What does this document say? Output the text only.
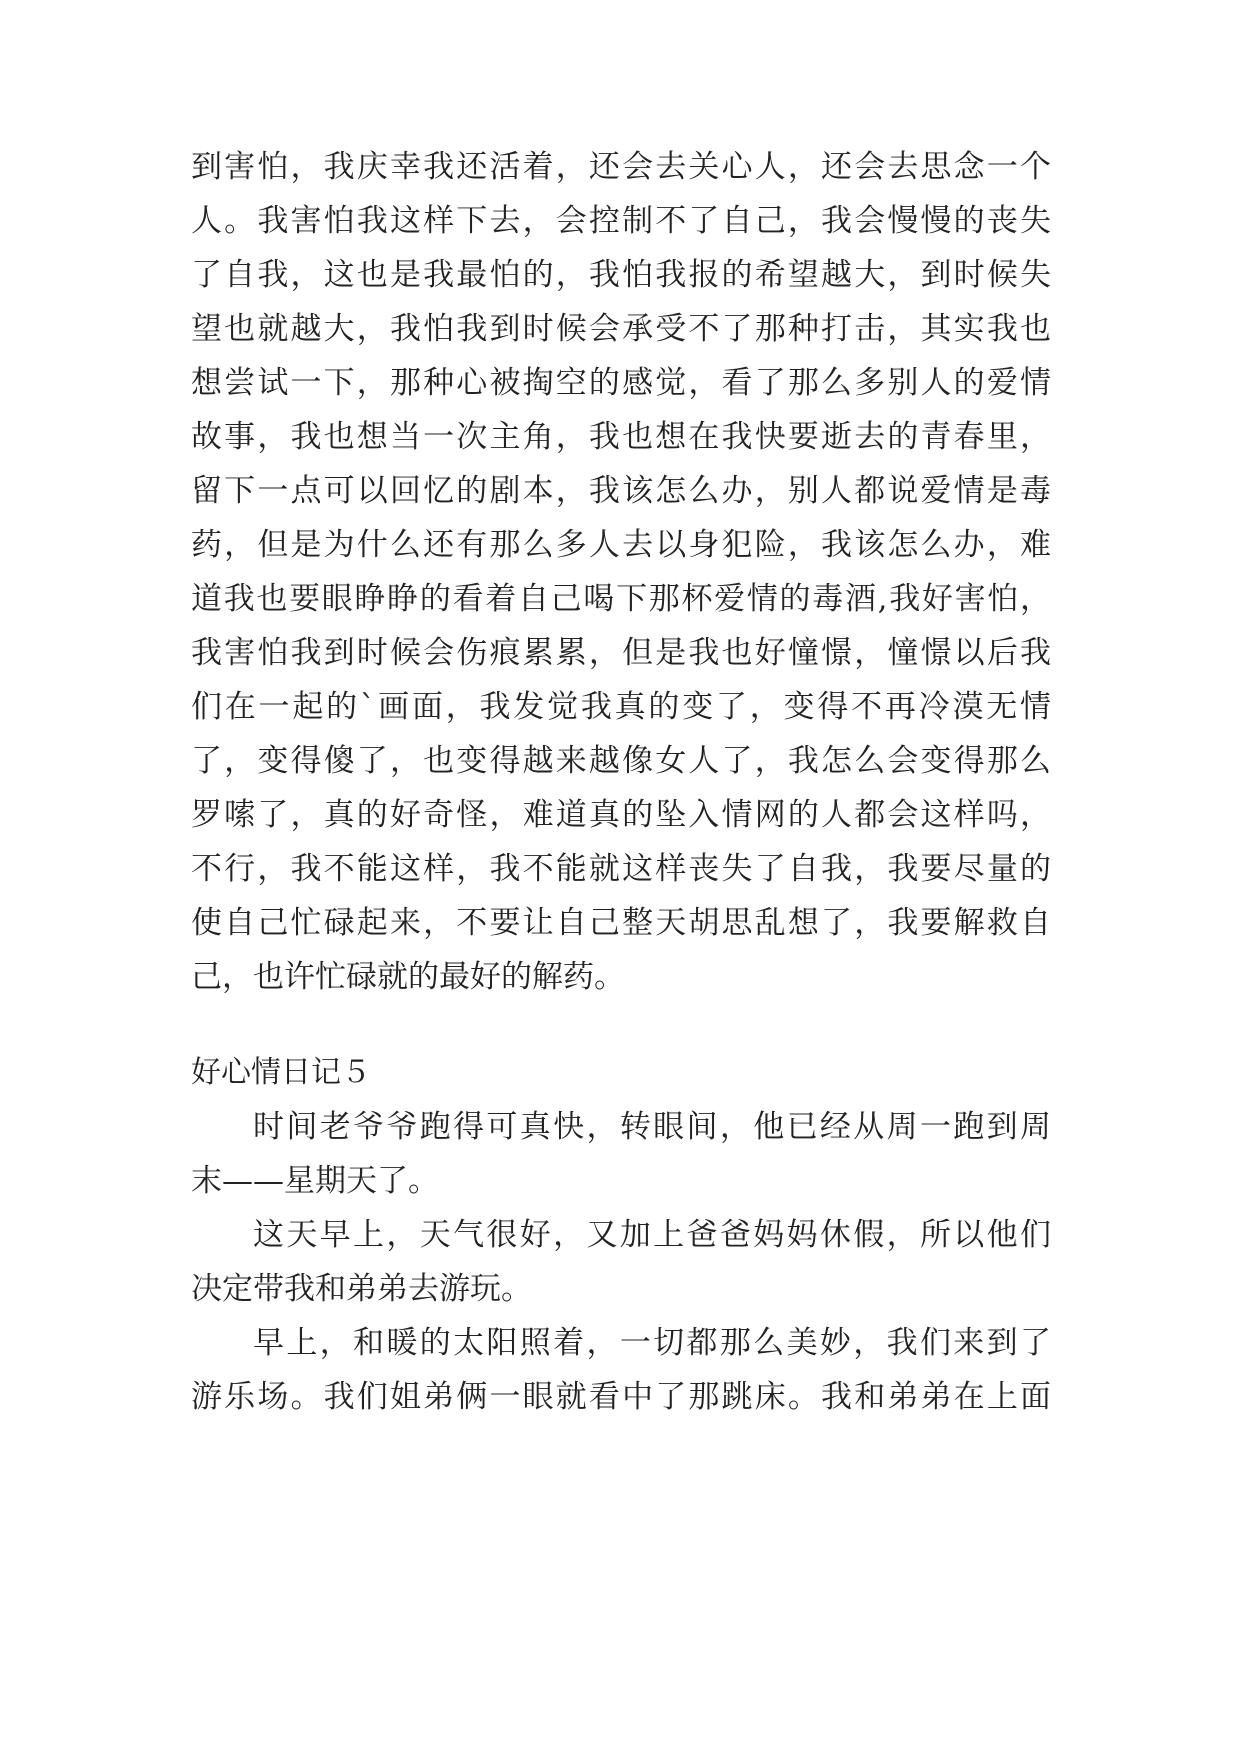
到害怕，我庆幸我还活着，还会去关心人，还会去思念一个
人。我害怕我这样下去，会控制不了自己，我会慢慢的丧失
了自我，这也是我最怕的，我怕我报的希望越大，到时候失
望也就越大，我怕我到时候会承受不了那种打击，其实我也
想尝试一下，那种心被掏空的感觉，看了那么多别人的爱情
故事，我也想当一次主角，我也想在我快要逝去的青春里，
留下一点可以回忆的剧本，我该怎么办，别人都说爱情是毒
药，但是为什么还有那么多人去以身犯险，我该怎么办，难
道我也要眼睁睁的看着自己喝下那杯爱情的毒酒,我好害怕，
我害怕我到时候会伤痕累累，但是我也好憧憬，憧憬以后我
们在一起的`画面，我发觉我真的变了，变得不再冷漠无情
了，变得傻了，也变得越来越像女人了，我怎么会变得那么
罗嗦了，真的好奇怪，难道真的坠入情网的人都会这样吗，
不行，我不能这样，我不能就这样丧失了自我，我要尽量的
使自己忙碌起来，不要让自己整天胡思乱想了，我要解救自
己，也许忙碌就的最好的解药。
好心情日记５
时间老爷爷跑得可真快，转眼间，他已经从周一跑到周
末——星期天了。
这天早上，天气很好，又加上爸爸妈妈休假，所以他们
决定带我和弟弟去游玩。
早上，和暖的太阳照着，一切都那么美妙，我们来到了
游乐场。我们姐弟俩一眼就看中了那跳床。我和弟弟在上面
